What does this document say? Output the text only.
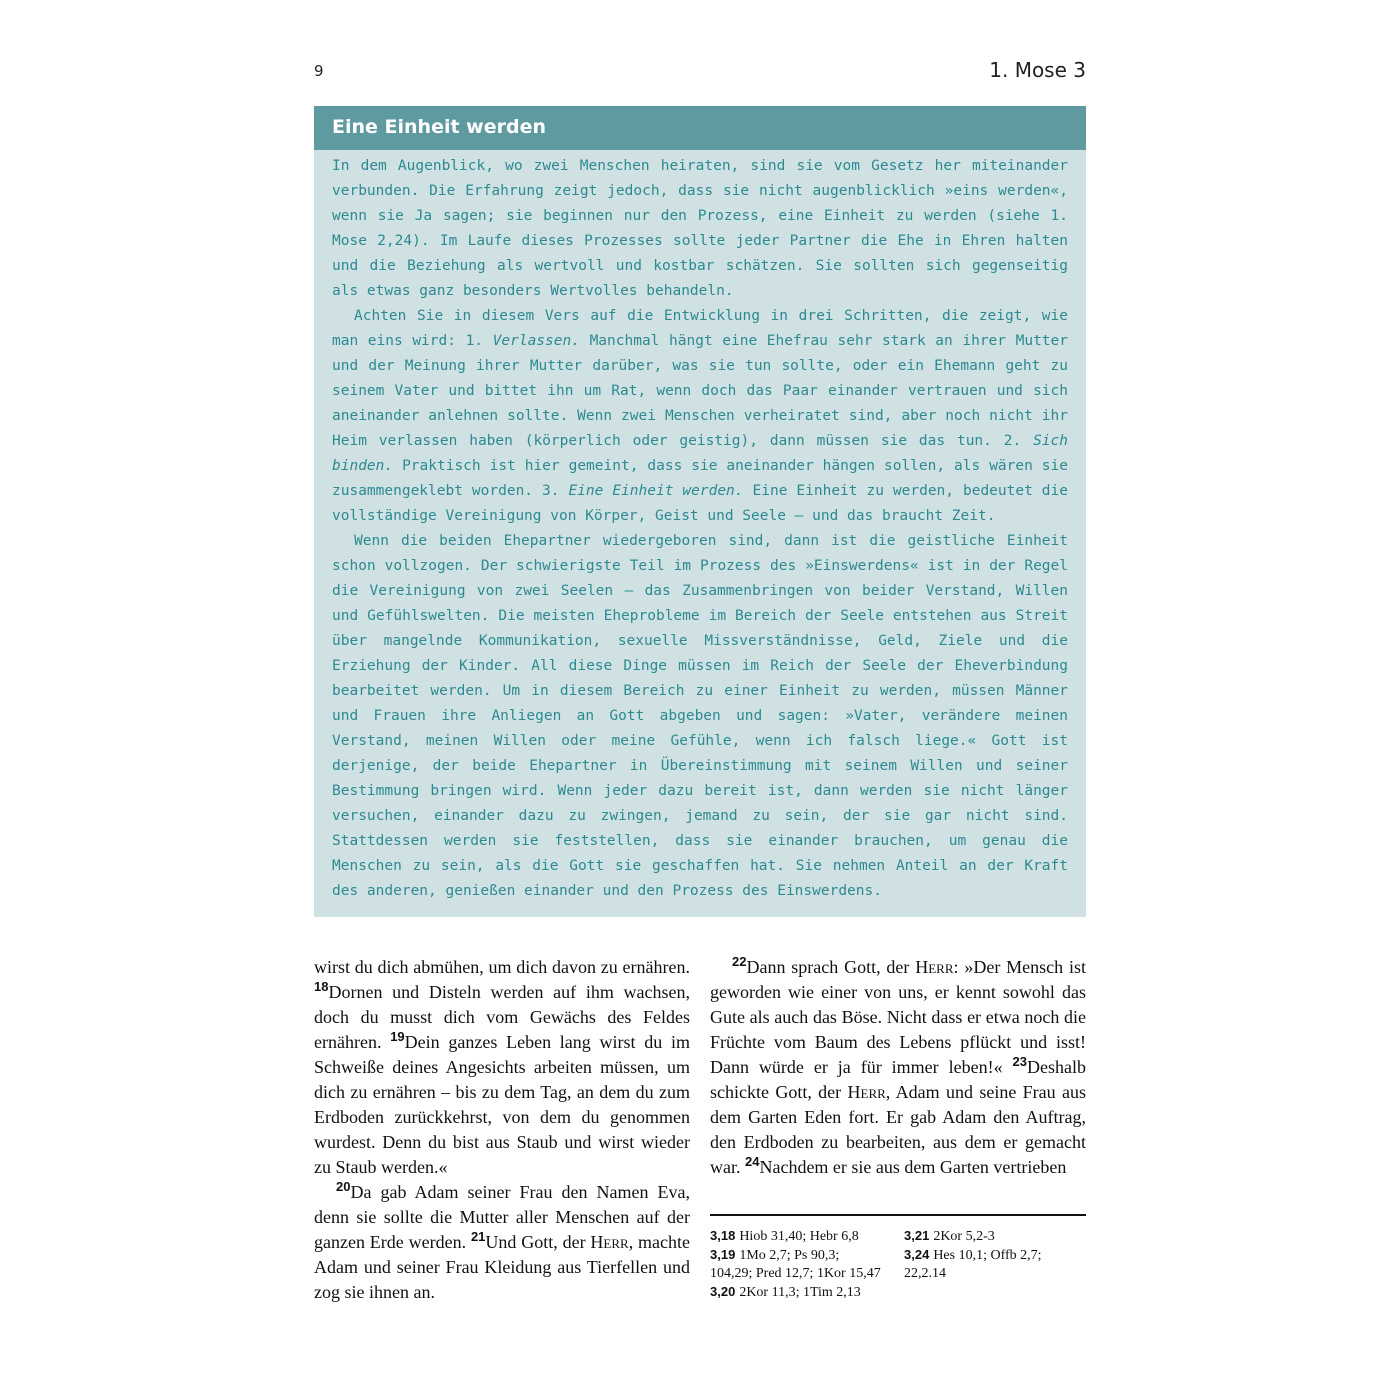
9	1. Mose 3
Eine Einheit werden

In dem Augenblick, wo zwei Menschen heiraten, sind sie vom Gesetz her miteinander verbunden. Die Erfahrung zeigt jedoch, dass sie nicht augenblicklich »eins werden«, wenn sie Ja sagen; sie beginnen nur den Prozess, eine Einheit zu werden (siehe 1. Mose 2,24). Im Laufe dieses Prozesses sollte jeder Partner die Ehe in Ehren halten und die Beziehung als wertvoll und kostbar schätzen. Sie sollten sich gegenseitig als etwas ganz besonders Wertvolles behandeln.

Achten Sie in diesem Vers auf die Entwicklung in drei Schritten, die zeigt, wie man eins wird: 1. Verlassen. Manchmal hängt eine Ehefrau sehr stark an ihrer Mutter und der Meinung ihrer Mutter darüber, was sie tun sollte, oder ein Ehemann geht zu seinem Vater und bittet ihn um Rat, wenn doch das Paar einander vertrauen und sich aneinander anlehnen sollte. Wenn zwei Menschen verheiratet sind, aber noch nicht ihr Heim verlassen haben (körperlich oder geistig), dann müssen sie das tun. 2. Sich binden. Praktisch ist hier gemeint, dass sie aneinander hängen sollen, als wären sie zusammengeklebt worden. 3. Eine Einheit werden. Eine Einheit zu werden, bedeutet die vollständige Vereinigung von Körper, Geist und Seele – und das braucht Zeit.

Wenn die beiden Ehepartner wiedergeboren sind, dann ist die geistliche Einheit schon vollzogen. Der schwierigste Teil im Prozess des »Einswerdens« ist in der Regel die Vereinigung von zwei Seelen – das Zusammenbringen von beider Verstand, Willen und Gefühlswelten. Die meisten Eheprobleme im Bereich der Seele entstehen aus Streit über mangelnde Kommunikation, sexuelle Missverständnisse, Geld, Ziele und die Erziehung der Kinder. All diese Dinge müssen im Reich der Seele der Eheverbindung bearbeitet werden. Um in diesem Bereich zu einer Einheit zu werden, müssen Männer und Frauen ihre Anliegen an Gott abgeben und sagen: »Vater, verändere meinen Verstand, meinen Willen oder meine Gefühle, wenn ich falsch liege.« Gott ist derjenige, der beide Ehepartner in Übereinstimmung mit seinem Willen und seiner Bestimmung bringen wird. Wenn jeder dazu bereit ist, dann werden sie nicht länger versuchen, einander dazu zu zwingen, jemand zu sein, der sie gar nicht sind. Stattdessen werden sie feststellen, dass sie einander brauchen, um genau die Menschen zu sein, als die Gott sie geschaffen hat. Sie nehmen Anteil an der Kraft des anderen, genießen einander und den Prozess des Einswerdens.

wirst du dich abmühen, um dich davon zu ernähren. $^{18}$Dornen und Disteln werden auf ihm wachsen, doch du musst dich vom Gewächs des Feldes ernähren. $^{19}$Dein ganzes Leben lang wirst du im Schweiße deines Angesichts arbeiten müssen, um dich zu ernähren – bis zu dem Tag, an dem du zum Erdboden zurückkehrst, von dem du genommen wurdest. Denn du bist aus Staub und wirst wieder zu Staub werden.«

$^{20}$Da gab Adam seiner Frau den Namen Eva, denn sie sollte die Mutter aller Menschen auf der ganzen Erde werden. $^{21}$Und Gott, der Herr, machte Adam und seiner Frau Kleidung aus Tierfellen und zog sie ihnen an.

$^{22}$Dann sprach Gott, der Herr: »Der Mensch ist geworden wie einer von uns, er kennt sowohl das Gute als auch das Böse. Nicht dass er etwa noch die Früchte vom Baum des Lebens pflückt und isst! Dann würde er ja für immer leben!« $^{23}$Deshalb schickte Gott, der Herr, Adam und seine Frau aus dem Garten Eden fort. Er gab Adam den Auftrag, den Erdboden zu bearbeiten, aus dem er gemacht war. $^{24}$Nachdem er sie aus dem Garten vertrieben

3,18 Hiob 31,40; Hebr 6,8
3,19 1Mo 2,7; Ps 90,3;
104,29; Pred 12,7; 1Kor 15,47
3,20 2Kor 11,3; 1Tim 2,13
3,21 2Kor 5,2-3
3,24 Hes 10,1; Offb 2,7;
22,2.14
